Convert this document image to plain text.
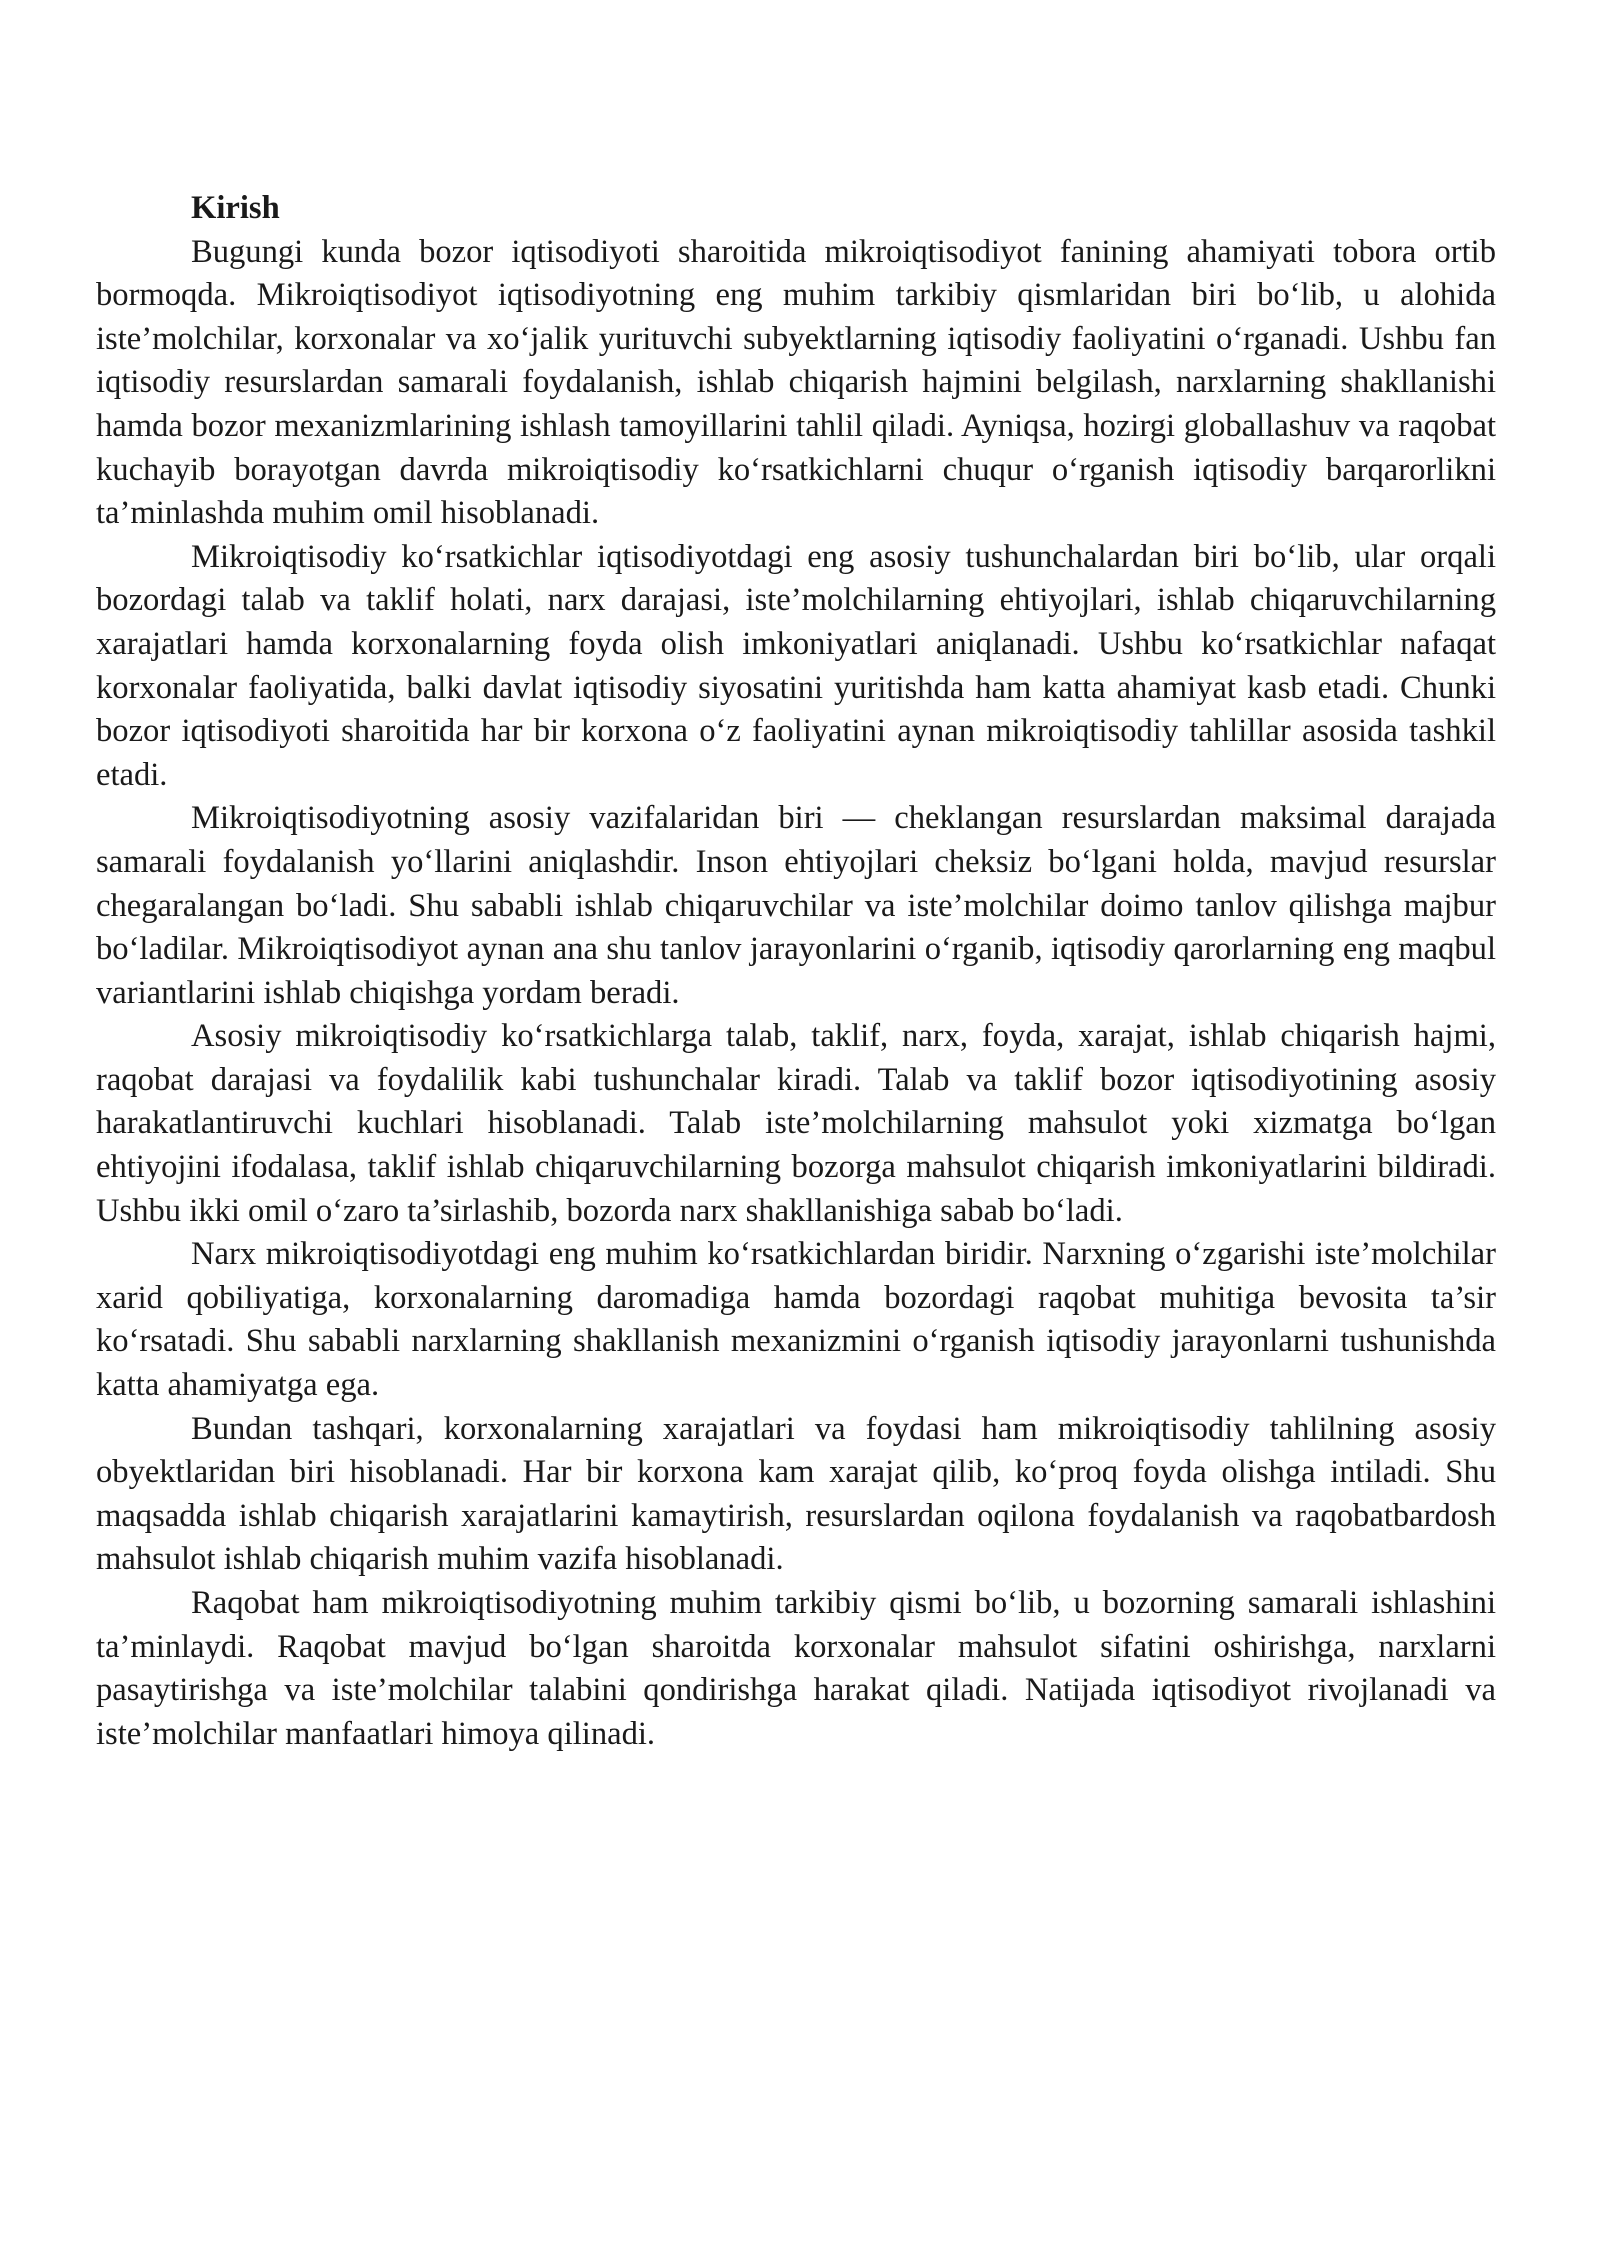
Kirish

Bugungi kunda bozor iqtisodiyoti sharoitida mikroiqtisodiyot fanining ahamiyati tobora ortib bormoqda. Mikroiqtisodiyot iqtisodiyotning eng muhim tarkibiy qismlaridan biri bo‘lib, u alohida iste’molchilar, korxonalar va xo‘jalik yurituvchi subyektlarning iqtisodiy faoliyatini o‘rganadi. Ushbu fan iqtisodiy resurslardan samarali foydalanish, ishlab chiqarish hajmini belgilash, narxlarning shakllanishi hamda bozor mexanizmlarining ishlash tamoyillarini tahlil qiladi. Ayniqsa, hozirgi globallashuv va raqobat kuchayib borayotgan davrda mikroiqtisodiy ko‘rsatkichlarni chuqur o‘rganish iqtisodiy barqarorlikni ta’minlashda muhim omil hisoblanadi.

Mikroiqtisodiy ko‘rsatkichlar iqtisodiyotdagi eng asosiy tushunchalardan biri bo‘lib, ular orqali bozordagi talab va taklif holati, narx darajasi, iste’molchilarning ehtiyojlari, ishlab chiqaruvchilarning xarajatlari hamda korxonalarning foyda olish imkoniyatlari aniqlanadi. Ushbu ko‘rsatkichlar nafaqat korxonalar faoliyatida, balki davlat iqtisodiy siyosatini yuritishda ham katta ahamiyat kasb etadi. Chunki bozor iqtisodiyoti sharoitida har bir korxona o‘z faoliyatini aynan mikroiqtisodiy tahlillar asosida tashkil etadi.

Mikroiqtisodiyotning asosiy vazifalaridan biri — cheklangan resurslardan maksimal darajada samarali foydalanish yo‘llarini aniqlashdir. Inson ehtiyojlari cheksiz bo‘lgani holda, mavjud resurslar chegaralangan bo‘ladi. Shu sababli ishlab chiqaruvchilar va iste’molchilar doimo tanlov qilishga majbur bo‘ladilar. Mikroiqtisodiyot aynan ana shu tanlov jarayonlarini o‘rganib, iqtisodiy qarorlarning eng maqbul variantlarini ishlab chiqishga yordam beradi.

Asosiy mikroiqtisodiy ko‘rsatkichlarga talab, taklif, narx, foyda, xarajat, ishlab chiqarish hajmi, raqobat darajasi va foydalilik kabi tushunchalar kiradi. Talab va taklif bozor iqtisodiyotining asosiy harakatlantiruvchi kuchlari hisoblanadi. Talab iste’molchilarning mahsulot yoki xizmatga bo‘lgan ehtiyojini ifodalasa, taklif ishlab chiqaruvchilarning bozorga mahsulot chiqarish imkoniyatlarini bildiradi. Ushbu ikki omil o‘zaro ta’sirlashib, bozorda narx shakllanishiga sabab bo‘ladi.

Narx mikroiqtisodiyotdagi eng muhim ko‘rsatkichlardan biridir. Narxning o‘zgarishi iste’molchilar xarid qobiliyatiga, korxonalarning daromadiga hamda bozordagi raqobat muhitiga bevosita ta’sir ko‘rsatadi. Shu sababli narxlarning shakllanish mexanizmini o‘rganish iqtisodiy jarayonlarni tushunishda katta ahamiyatga ega.

Bundan tashqari, korxonalarning xarajatlari va foydasi ham mikroiqtisodiy tahlilning asosiy obyektlaridan biri hisoblanadi. Har bir korxona kam xarajat qilib, ko‘proq foyda olishga intiladi. Shu maqsadda ishlab chiqarish xarajatlarini kamaytirish, resurslardan oqilona foydalanish va raqobatbardosh mahsulot ishlab chiqarish muhim vazifa hisoblanadi.

Raqobat ham mikroiqtisodiyotning muhim tarkibiy qismi bo‘lib, u bozorning samarali ishlashini ta’minlaydi. Raqobat mavjud bo‘lgan sharoitda korxonalar mahsulot sifatini oshirishga, narxlarni pasaytirishga va iste’molchilar talabini qondirishga harakat qiladi. Natijada iqtisodiyot rivojlanadi va iste’molchilar manfaatlari himoya qilinadi.
